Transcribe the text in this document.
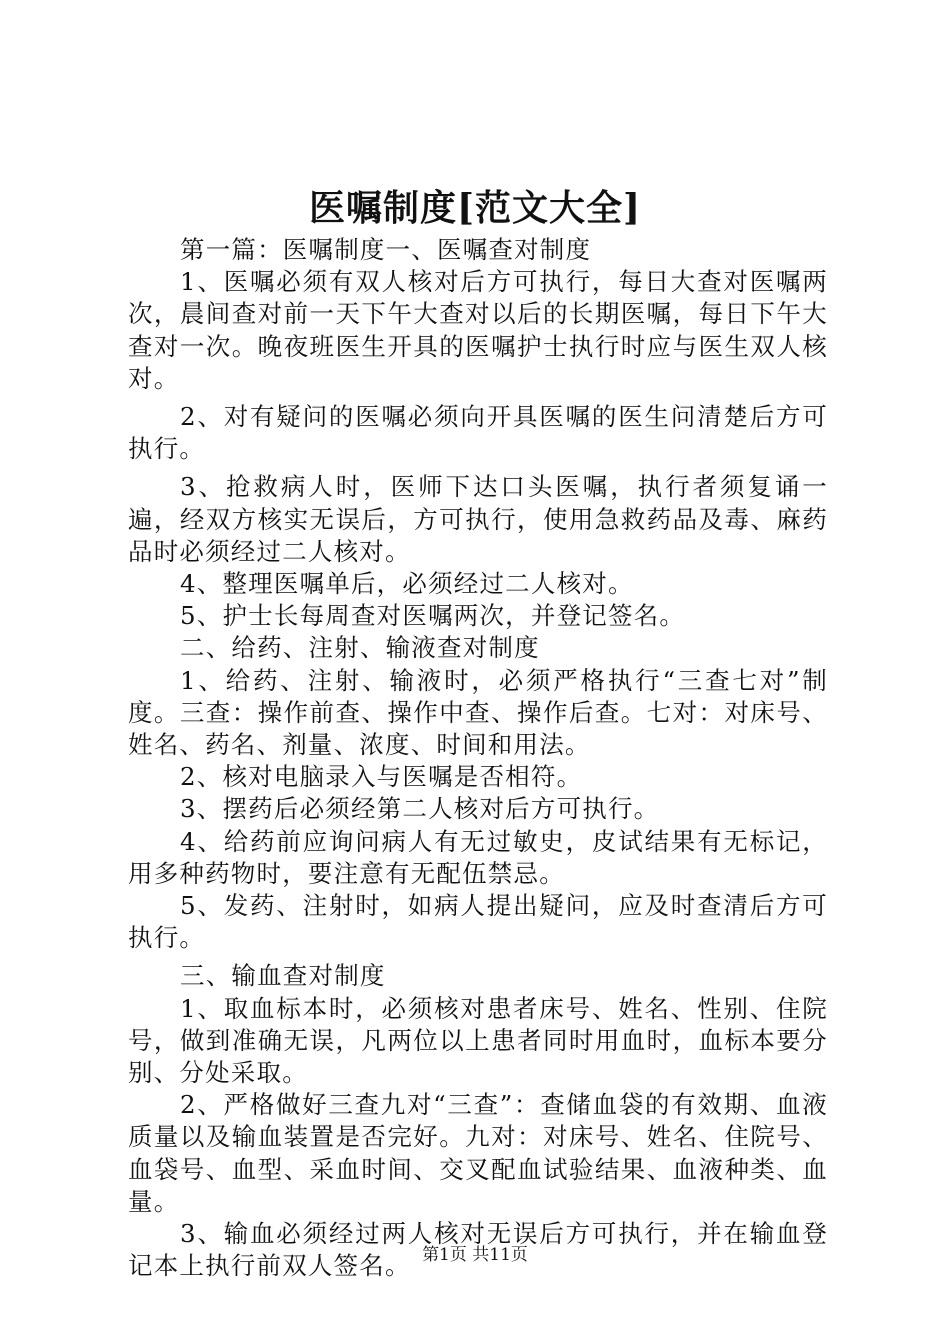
医嘱制度[范文大全]

第一篇：医嘱制度一、医嘱查对制度

1、医嘱必须有双人核对后方可执行，每日大查对医嘱两次，晨间查对前一天下午大查对以后的长期医嘱，每日下午大查对一次。晚夜班医生开具的医嘱护士执行时应与医生双人核对。

2、对有疑问的医嘱必须向开具医嘱的医生问清楚后方可执行。

3、抢救病人时，医师下达口头医嘱，执行者须复诵一遍，经双方核实无误后，方可执行，使用急救药品及毒、麻药品时必须经过二人核对。

4、整理医嘱单后，必须经过二人核对。

5、护士长每周查对医嘱两次，并登记签名。

二、给药、注射、输液查对制度

1、给药、注射、输液时，必须严格执行“三查七对”制度。三查：操作前查、操作中查、操作后查。七对：对床号、姓名、药名、剂量、浓度、时间和用法。

2、核对电脑录入与医嘱是否相符。

3、摆药后必须经第二人核对后方可执行。

4、给药前应询问病人有无过敏史，皮试结果有无标记，用多种药物时，要注意有无配伍禁忌。

5、发药、注射时，如病人提出疑问，应及时查清后方可执行。

三、输血查对制度

1、取血标本时，必须核对患者床号、姓名、性别、住院号，做到准确无误，凡两位以上患者同时用血时，血标本要分别、分处采取。

2、严格做好三查九对“三查”：查储血袋的有效期、血液质量以及输血装置是否完好。九对：对床号、姓名、住院号、血袋号、血型、采血时间、交叉配血试验结果、血液种类、血量。

3、输血必须经过两人核对无误后方可执行，并在输血登记本上执行前双人签名。 第1页 共11页
